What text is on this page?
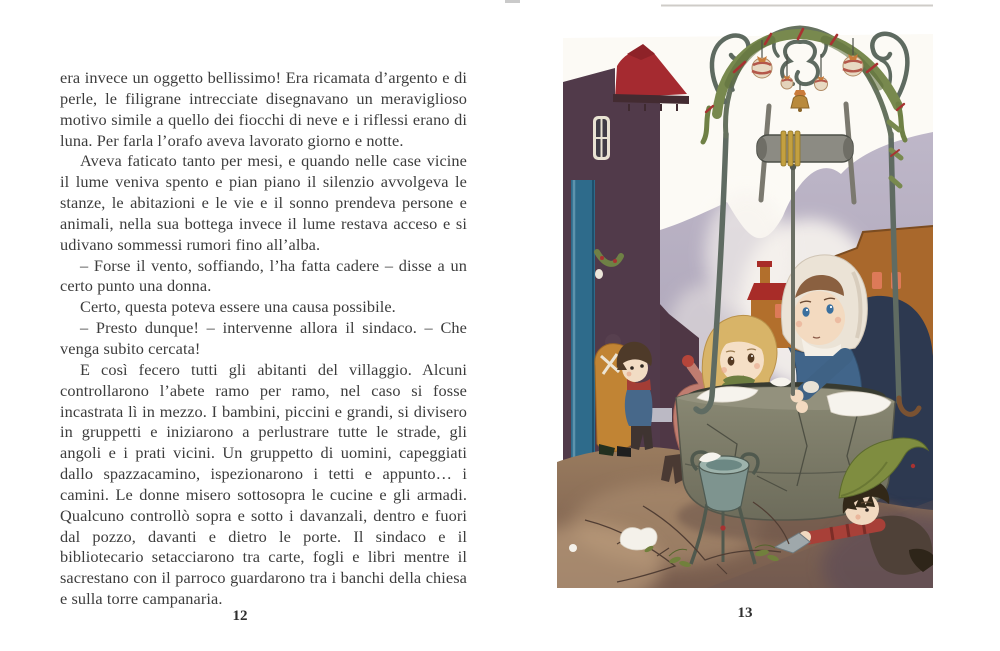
era invece un oggetto bellissimo! Era ricamata d’argento e di perle, le filigrane intrecciate disegnavano un meraviglioso motivo simile a quello dei fiocchi di neve e i riflessi erano di luna. Per farla l’orafo aveva lavorato giorno e notte.

Aveva faticato tanto per mesi, e quando nelle case vicine il lume veniva spento e pian piano il silenzio avvolgeva le stanze, le abitazioni e le vie e il sonno prendeva persone e animali, nella sua bottega invece il lume restava acceso e si udivano sommessi rumori fino all’alba.

– Forse il vento, soffiando, l’ha fatta cadere – disse a un certo punto una donna.

Certo, questa poteva essere una causa possibile.

– Presto dunque! – intervenne allora il sindaco. – Che venga subito cercata!

E così fecero tutti gli abitanti del villaggio. Alcuni controllarono l’abete ramo per ramo, nel caso si fosse incastrata lì in mezzo. I bambini, piccini e grandi, si divisero in gruppetti e iniziarono a perlustrare tutte le strade, gli angoli e i prati vicini. Un gruppetto di uomini, capeggiati dallo spazzacamino, ispezionarono i tetti e appunto… i camini. Le donne misero sottosopra le cucine e gli armadi. Qualcuno controllò sopra e sotto i davanzali, dentro e fuori dal pozzo, davanti e dietro le porte. Il sindaco e il bibliotecario setacciarono tra carte, fogli e libri mentre il sacrestano con il parroco guardarono tra i banchi della chiesa e sulla torre campanaria.

12	13
